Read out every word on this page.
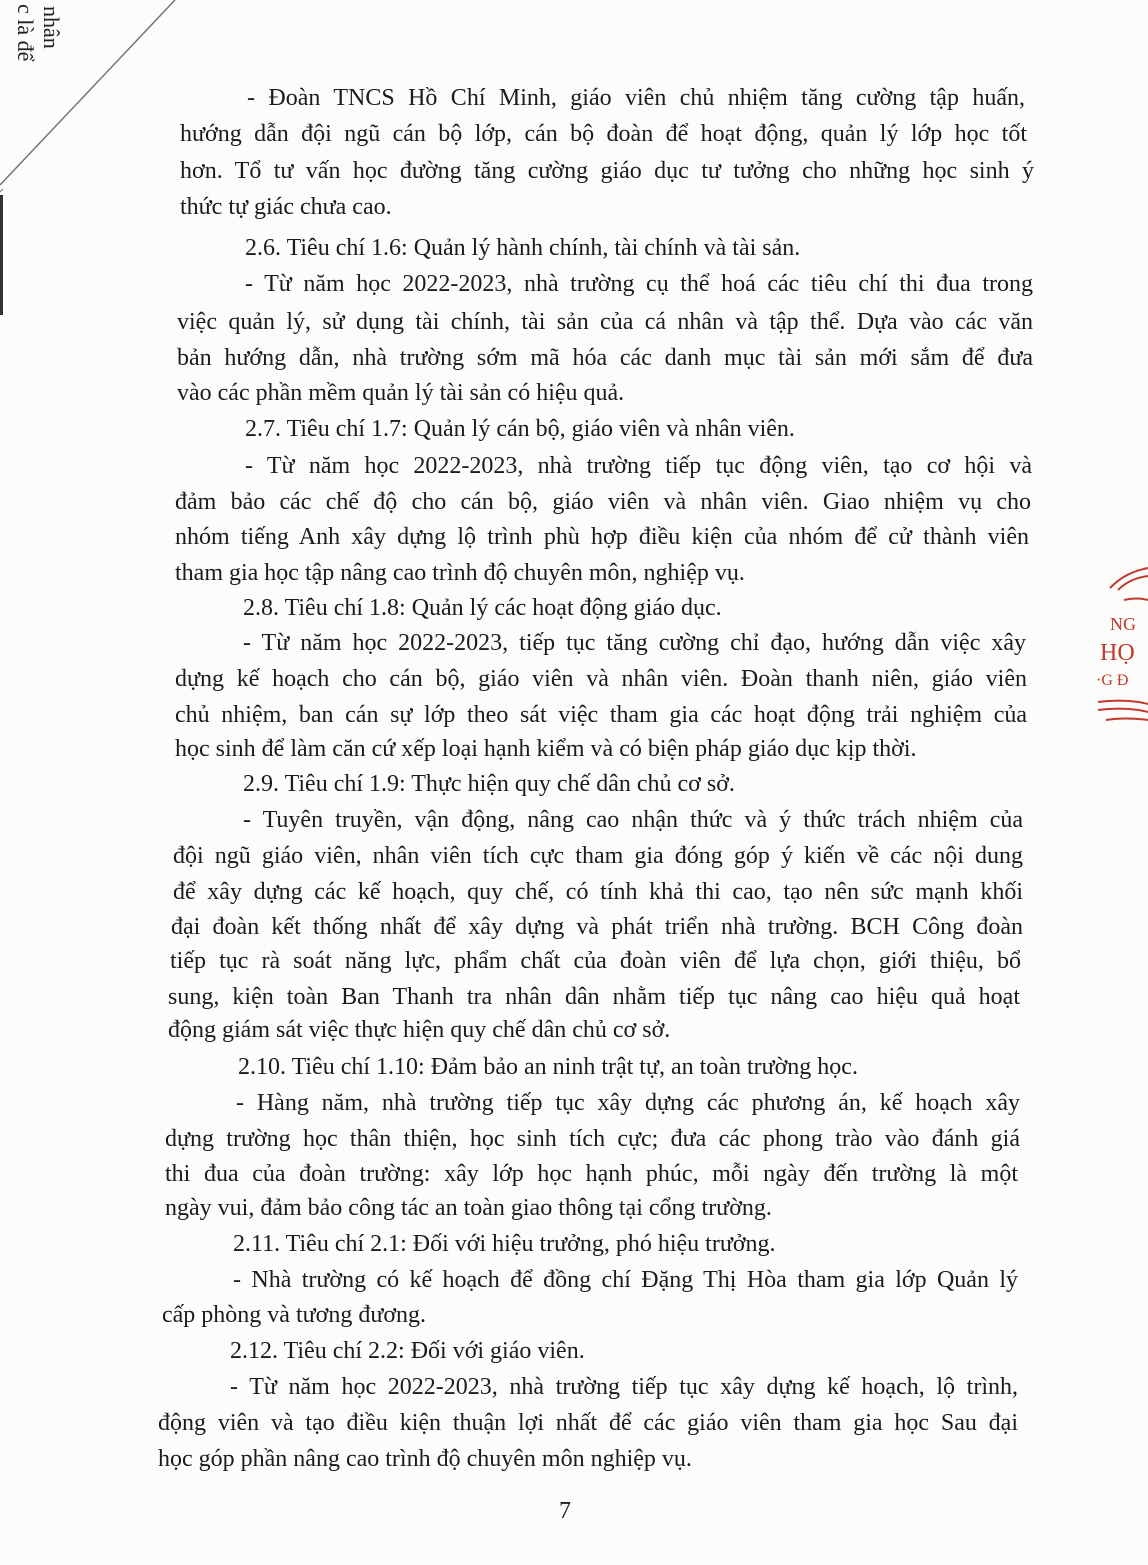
nhân
c là để

- Đoàn TNCS Hồ Chí Minh, giáo viên chủ nhiệm tăng cường tập huấn,

hướng dẫn đội ngũ cán bộ lớp, cán bộ đoàn để hoạt động, quản lý lớp học tốt

hơn. Tổ tư vấn học đường tăng cường giáo dục tư tưởng cho những học sinh ý

thức tự giác chưa cao.

2.6. Tiêu chí 1.6: Quản lý hành chính, tài chính và tài sản.

- Từ năm học 2022-2023, nhà trường cụ thể hoá các tiêu chí thi đua trong

việc quản lý, sử dụng tài chính, tài sản của cá nhân và tập thể. Dựa vào các văn

bản hướng dẫn, nhà trường sớm mã hóa các danh mục tài sản mới sắm để đưa

vào các phần mềm quản lý tài sản có hiệu quả.

2.7. Tiêu chí 1.7: Quản lý cán bộ, giáo viên và nhân viên.

- Từ năm học 2022-2023, nhà trường tiếp tục động viên, tạo cơ hội và

đảm bảo các chế độ cho cán bộ, giáo viên và nhân viên. Giao nhiệm vụ cho

nhóm tiếng Anh xây dựng lộ trình phù hợp điều kiện của nhóm để cử thành viên

tham gia học tập nâng cao trình độ chuyên môn, nghiệp vụ.

2.8. Tiêu chí 1.8: Quản lý các hoạt động giáo dục.

- Từ năm học 2022-2023, tiếp tục tăng cường chỉ đạo, hướng dẫn việc xây

dựng kế hoạch cho cán bộ, giáo viên và nhân viên. Đoàn thanh niên, giáo viên

chủ nhiệm, ban cán sự lớp theo sát việc tham gia các hoạt động trải nghiệm của

học sinh để làm căn cứ xếp loại hạnh kiểm và có biện pháp giáo dục kịp thời.

2.9. Tiêu chí 1.9: Thực hiện quy chế dân chủ cơ sở.

- Tuyên truyền, vận động, nâng cao nhận thức và ý thức trách nhiệm của

đội ngũ giáo viên, nhân viên tích cực tham gia đóng góp ý kiến về các nội dung

để xây dựng các kế hoạch, quy chế, có tính khả thi cao, tạo nên sức mạnh khối

đại đoàn kết thống nhất để xây dựng và phát triển nhà trường. BCH Công đoàn

tiếp tục rà soát năng lực, phẩm chất của đoàn viên để lựa chọn, giới thiệu, bổ

sung, kiện toàn Ban Thanh tra nhân dân nhằm tiếp tục nâng cao hiệu quả hoạt

động giám sát việc thực hiện quy chế dân chủ cơ sở.

2.10. Tiêu chí 1.10: Đảm bảo an ninh trật tự, an toàn trường học.

- Hàng năm, nhà trường tiếp tục xây dựng các phương án, kế hoạch xây

dựng trường học thân thiện, học sinh tích cực; đưa các phong trào vào đánh giá

thi đua của đoàn trường: xây lớp học hạnh phúc, mỗi ngày đến trường là một

ngày vui, đảm bảo công tác an toàn giao thông tại cổng trường.

2.11. Tiêu chí 2.1: Đối với hiệu trưởng, phó hiệu trưởng.

- Nhà trường có kế hoạch để đồng chí Đặng Thị Hòa tham gia lớp Quản lý

cấp phòng và tương đương.

2.12. Tiêu chí 2.2: Đối với giáo viên.

- Từ năm học 2022-2023, nhà trường tiếp tục xây dựng kế hoạch, lộ trình,

động viên và tạo điều kiện thuận lợi nhất để các giáo viên tham gia học Sau đại

học góp phần nâng cao trình độ chuyên môn nghiệp vụ.

7
NG
HỌ
·G Đ
